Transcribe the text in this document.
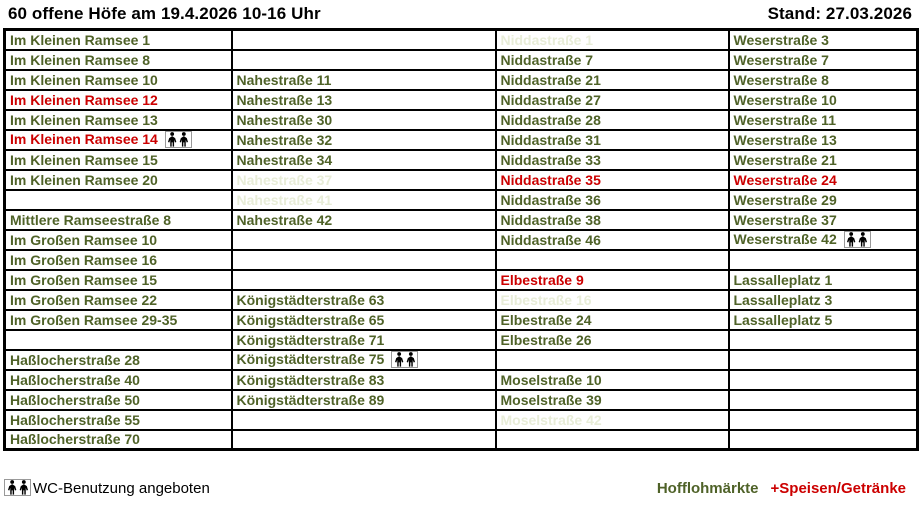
60 offene Höfe am 19.4.2026 10-16 Uhr	Stand: 27.03.2026
Im Kleinen Ramsee 1		Niddastraße 1	Weserstraße 3
Im Kleinen Ramsee 8		Niddastraße 7	Weserstraße 7
Im Kleinen Ramsee 10	Nahestraße 11	Niddastraße 21	Weserstraße 8
Im Kleinen Ramsee 12	Nahestraße 13	Niddastraße 27	Weserstraße 10
Im Kleinen Ramsee 13	Nahestraße 30	Niddastraße 28	Weserstraße 11
Im Kleinen Ramsee 14	Nahestraße 32	Niddastraße 31	Weserstraße 13
Im Kleinen Ramsee 15	Nahestraße 34	Niddastraße 33	Weserstraße 21
Im Kleinen Ramsee 20	Nahestraße 37	Niddastraße 35	Weserstraße 24
	Nahestraße 41	Niddastraße 36	Weserstraße 29
Mittlere Ramseestraße 8	Nahestraße 42	Niddastraße 38	Weserstraße 37
Im Großen Ramsee 10		Niddastraße 46	Weserstraße 42

Im Großen Ramsee 16			
Im Großen Ramsee 15		Elbestraße 9	Lassalleplatz 1
Im Großen Ramsee 22	Königstädterstraße 63	Elbestraße 16	Lassalleplatz 3
Im Großen Ramsee 29-35	Königstädterstraße 65	Elbestraße 24	Lassalleplatz 5
	Königstädterstraße 71	Elbestraße 26	
Haßlocherstraße 28	Königstädterstraße 75

Haßlocherstraße 40	Königstädterstraße 83	Moselstraße 10	
Haßlocherstraße 50	Königstädterstraße 89	Moselstraße 39	
Haßlocherstraße 55		Moselstraße 42	
Haßlocherstraße 70			
WC-Benutzung angeboten	Hofflohmärkte +Speisen/Getränke
